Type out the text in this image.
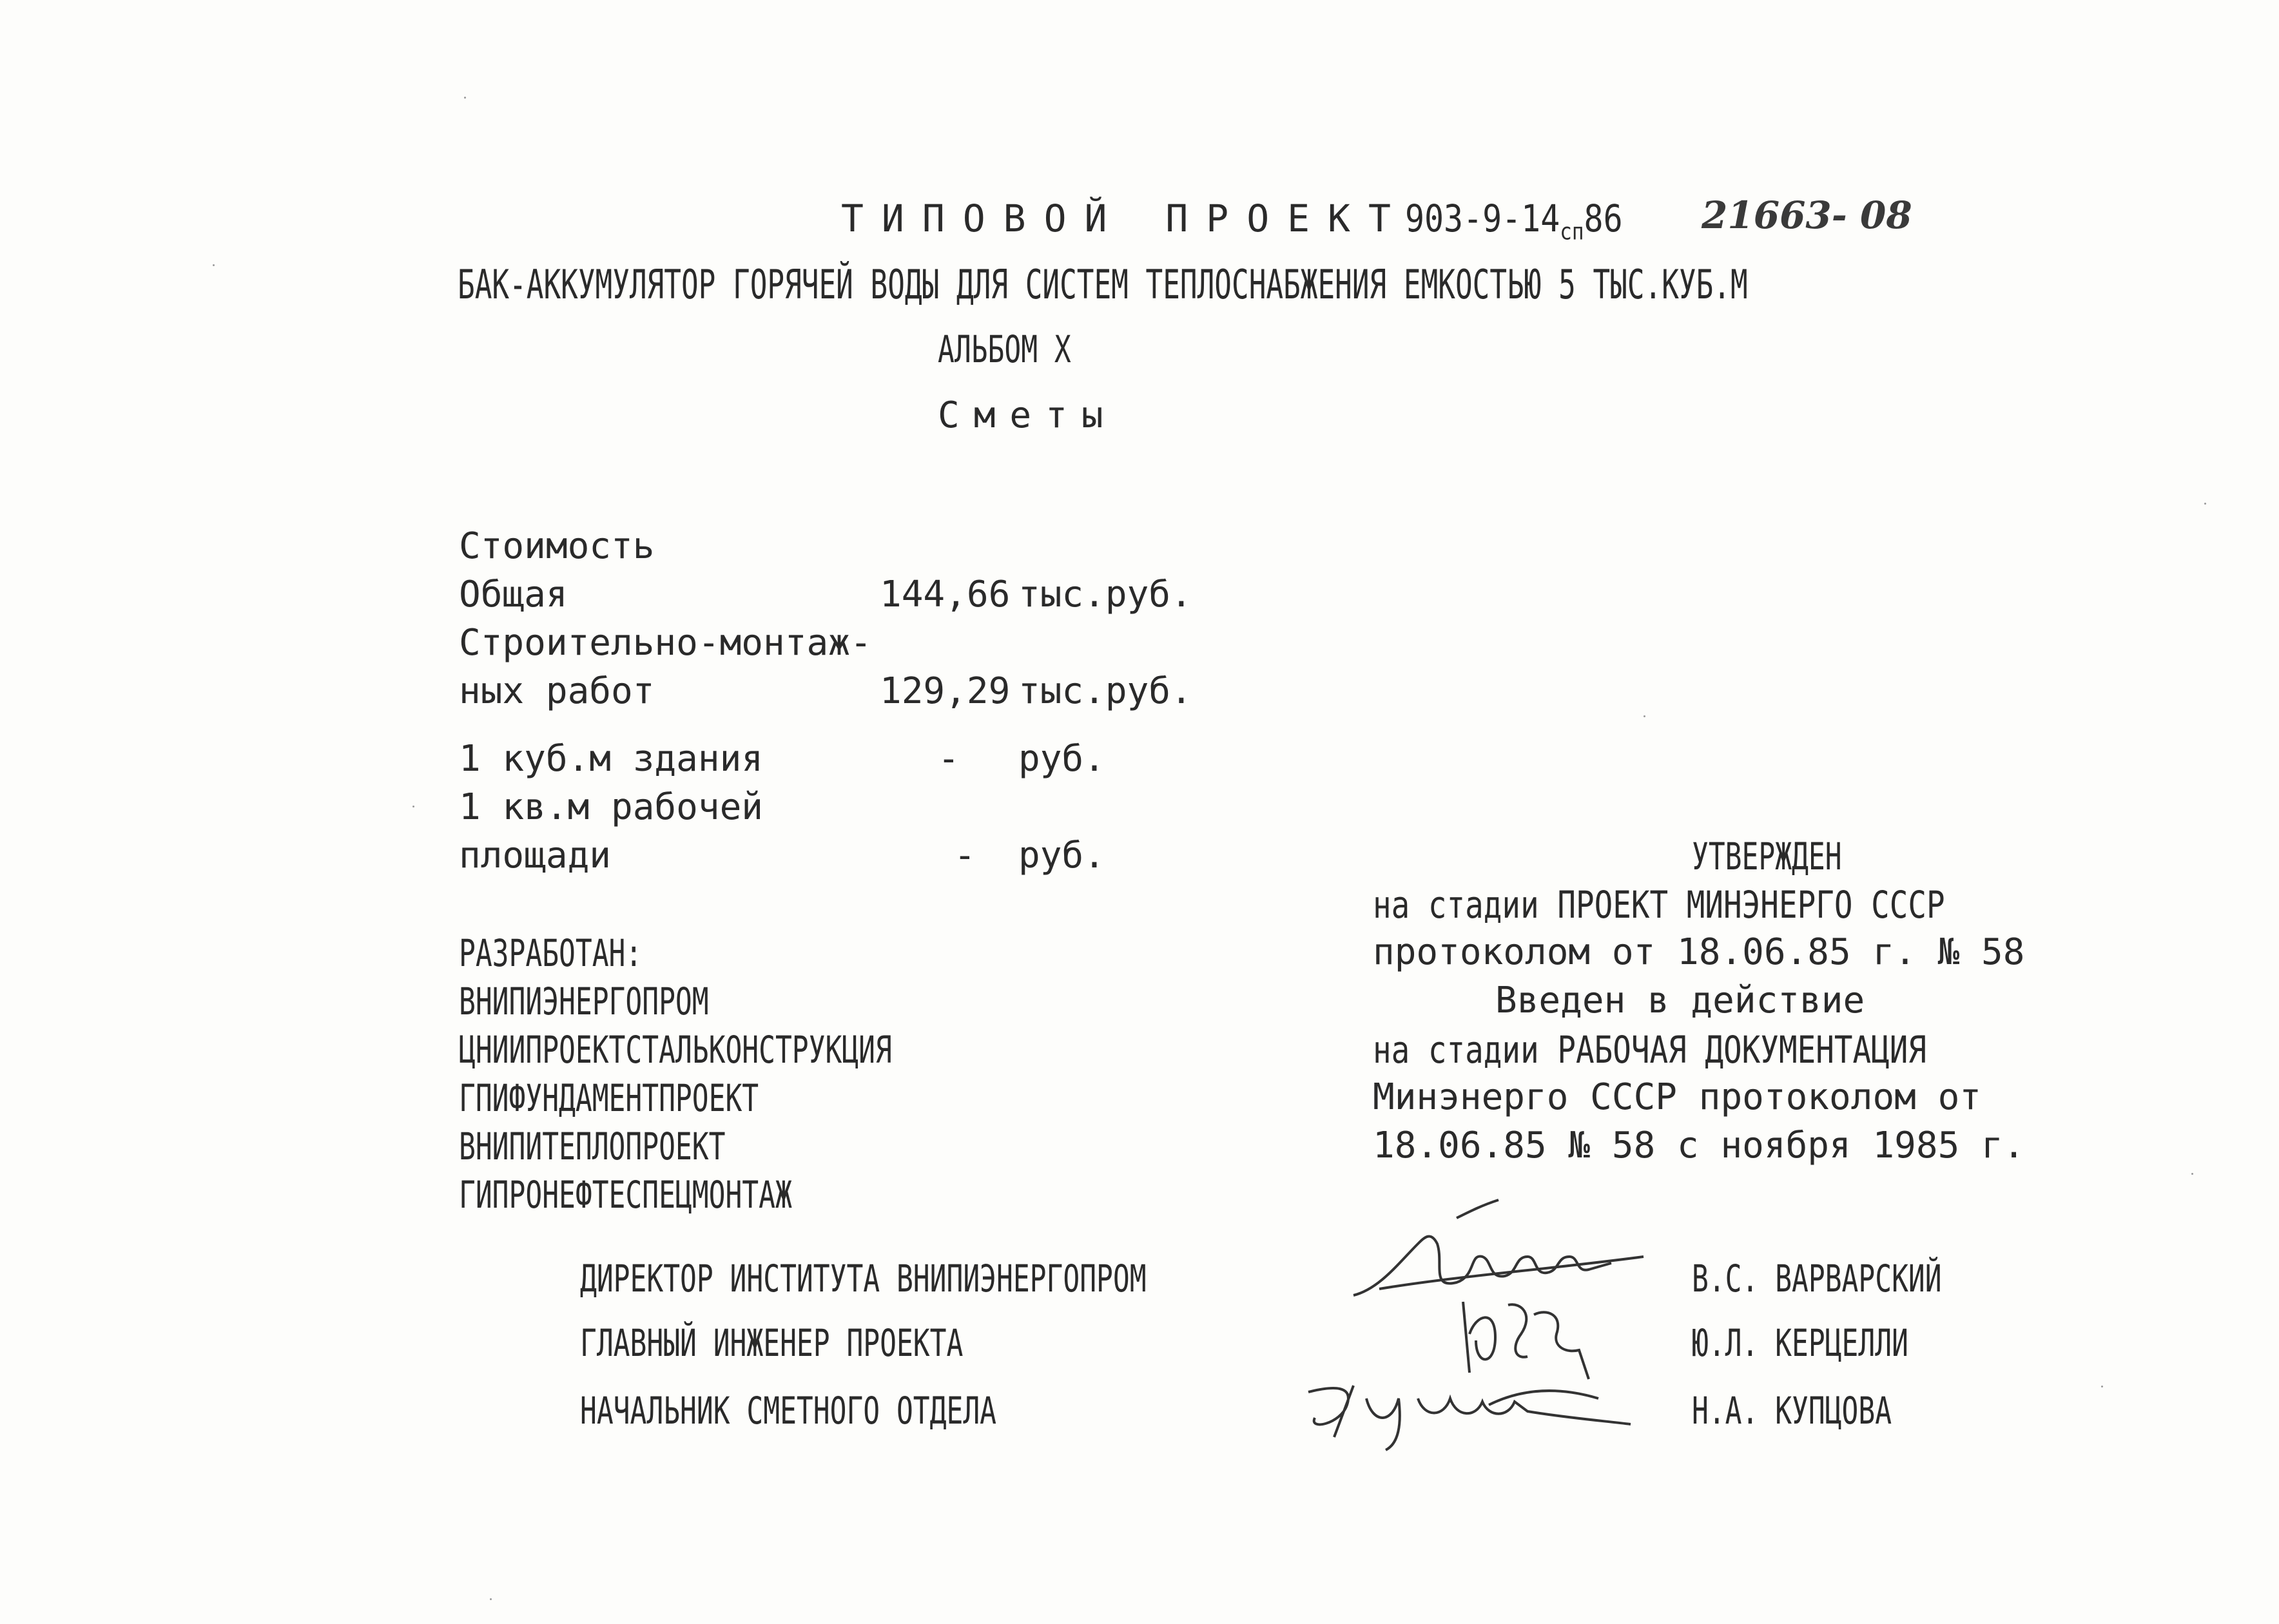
ТИПОВОЙ ПРОЕКТ
$903-9-14_{сп}86$	21663- 08
БАК-АККУМУЛЯТОР ГОРЯЧЕЙ ВОДЫ ДЛЯ СИСТЕМ ТЕПЛОСНАБЖЕНИЯ ЕМКОСТЬЮ 5 ТЫС.КУБ.М
АЛЬБОМ Х
Сметы
Стоимость
Общая	144,66 тыс.руб.
Строительно-монтаж-
ных работ	129,29 тыс.руб.
1 куб.м здания	- руб.
1 кв.м рабочей
площади	- руб.
РАЗРАБОТАН:
ВНИПИЭНЕРГОПРОМ
ЦНИИПРОЕКТСТАЛЬКОНСТРУКЦИЯ
ГПИФУНДАМЕНТПРОЕКТ
ВНИПИТЕПЛОПРОЕКТ
ГИПРОНЕФТЕСПЕЦМОНТАЖ
УТВЕРЖДЕН
на стадии ПРОЕКТ МИНЭНЕРГО СССР
протоколом от 18.06.85 г. № 58
Введен в действие
на стадии РАБОЧАЯ ДОКУМЕНТАЦИЯ
Минэнерго СССР протоколом от
18.06.85 № 58 с ноября 1985 г.
ДИРЕКТОР ИНСТИТУТА ВНИПИЭНЕРГОПРОМ	В.С. ВАРВАРСКИЙ
ГЛАВНЫЙ ИНЖЕНЕР ПРОЕКТА	Ю.Л. КЕРЦЕЛЛИ
НАЧАЛЬНИК СМЕТНОГО ОТДЕЛА	Н.А. КУПЦОВА
